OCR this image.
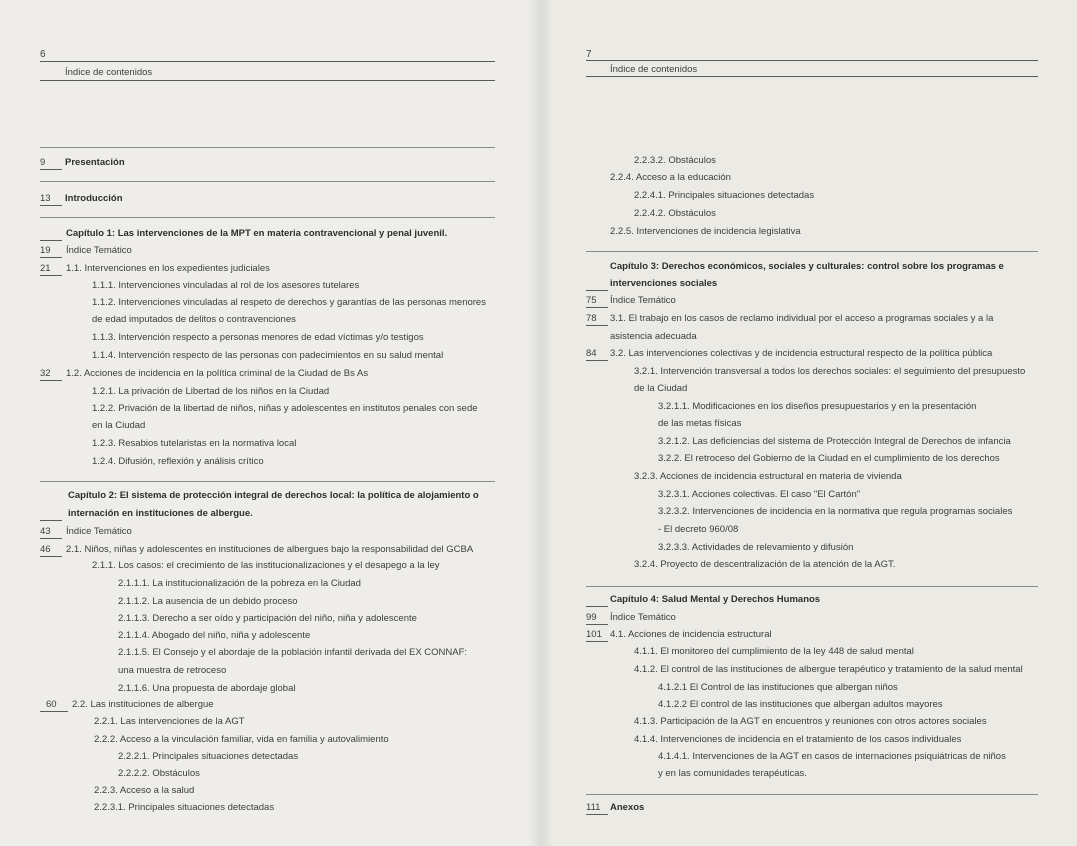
6
Índice de contenidos
9 Presentación
13 Introducción
Capítulo 1: Las intervenciones de la MPT en materia contravencional y penal juvenil.
19 Índice Temático
21 1.1. Intervenciones en los expedientes judiciales
1.1.1. Intervenciones vinculadas al rol de los asesores tutelares
1.1.2. Intervenciones vinculadas al respeto de derechos y garantías de las personas menores
de edad imputados de delitos o contravenciones
1.1.3. Intervención respecto a personas menores de edad víctimas y/o testigos
1.1.4. Intervención respecto de las personas con padecimientos en su salud mental
32 1.2. Acciones de incidencia en la política criminal de la Ciudad de Bs As
1.2.1. La privación de Libertad de los niños en la Ciudad
1.2.2. Privación de la libertad de niños, niñas y adolescentes en institutos penales con sede
en la Ciudad
1.2.3. Resabios tutelaristas en la normativa local
1.2.4. Difusión, reflexión y análisis crítico
Capítulo 2: El sistema de protección integral de derechos local: la política de alojamiento o
internación en instituciones de albergue.
43 Índice Temático
46 2.1. Niños, niñas y adolescentes en instituciones de albergues bajo la responsabilidad del GCBA
2.1.1. Los casos: el crecimiento de las institucionalizaciones y el desapego a la ley
2.1.1.1. La institucionalización de la pobreza en la Ciudad
2.1.1.2. La ausencia de un debido proceso
2.1.1.3. Derecho a ser oído y participación del niño, niña y adolescente
2.1.1.4. Abogado del niño, niña y adolescente
2.1.1.5. El Consejo y el abordaje de la población infantil derivada del EX CONNAF:
una muestra de retroceso
2.1.1.6. Una propuesta de abordaje global
60 2.2. Las instituciones de albergue
2.2.1. Las intervenciones de la AGT
2.2.2. Acceso a la vinculación familiar, vida en familia y autovalimiento
2.2.2.1. Principales situaciones detectadas
2.2.2.2. Obstáculos
2.2.3. Acceso a la salud
2.2.3.1. Principales situaciones detectadas
7
Índice de contenidos
2.2.3.2. Obstáculos
2.2.4. Acceso a la educación
2.2.4.1. Principales situaciones detectadas
2.2.4.2. Obstáculos
2.2.5. Intervenciones de incidencia legislativa
Capítulo 3: Derechos económicos, sociales y culturales: control sobre los programas e
intervenciones sociales
75 Índice Temático
78 3.1. El trabajo en los casos de reclamo individual por el acceso a programas sociales y a la
asistencia adecuada
84 3.2. Las intervenciones colectivas y de incidencia estructural respecto de la política pública
3.2.1. Intervención transversal a todos los derechos sociales: el seguimiento del presupuesto
de la Ciudad
3.2.1.1. Modificaciones en los diseños presupuestarios y en la presentación
de las metas físicas
3.2.1.2. Las deficiencias del sistema de Protección Integral de Derechos de infancia
3.2.2. El retroceso del Gobierno de la Ciudad en el cumplimiento de los derechos
3.2.3. Acciones de incidencia estructural en materia de vivienda
3.2.3.1. Acciones colectivas. El caso "El Cartón"
3.2.3.2. Intervenciones de incidencia en la normativa que regula programas sociales
- El decreto 960/08
3.2.3.3. Actividades de relevamiento y difusión
3.2.4. Proyecto de descentralización de la atención de la AGT.
Capítulo 4: Salud Mental y Derechos Humanos
99 Índice Temático
101 4.1. Acciones de incidencia estructural
4.1.1. El monitoreo del cumplimiento de la ley 448 de salud mental
4.1.2. El control de las instituciones de albergue terapéutico y tratamiento de la salud mental
4.1.2.1 El Control de las instituciones que albergan niños
4.1.2.2 El control de las instituciones que albergan adultos mayores
4.1.3. Participación de la AGT en encuentros y reuniones con otros actores sociales
4.1.4. Intervenciones de incidencia en el tratamiento de los casos individuales
4.1.4.1. Intervenciones de la AGT en casos de internaciones psiquiátricas de niños
y en las comunidades terapéuticas.
111 Anexos
